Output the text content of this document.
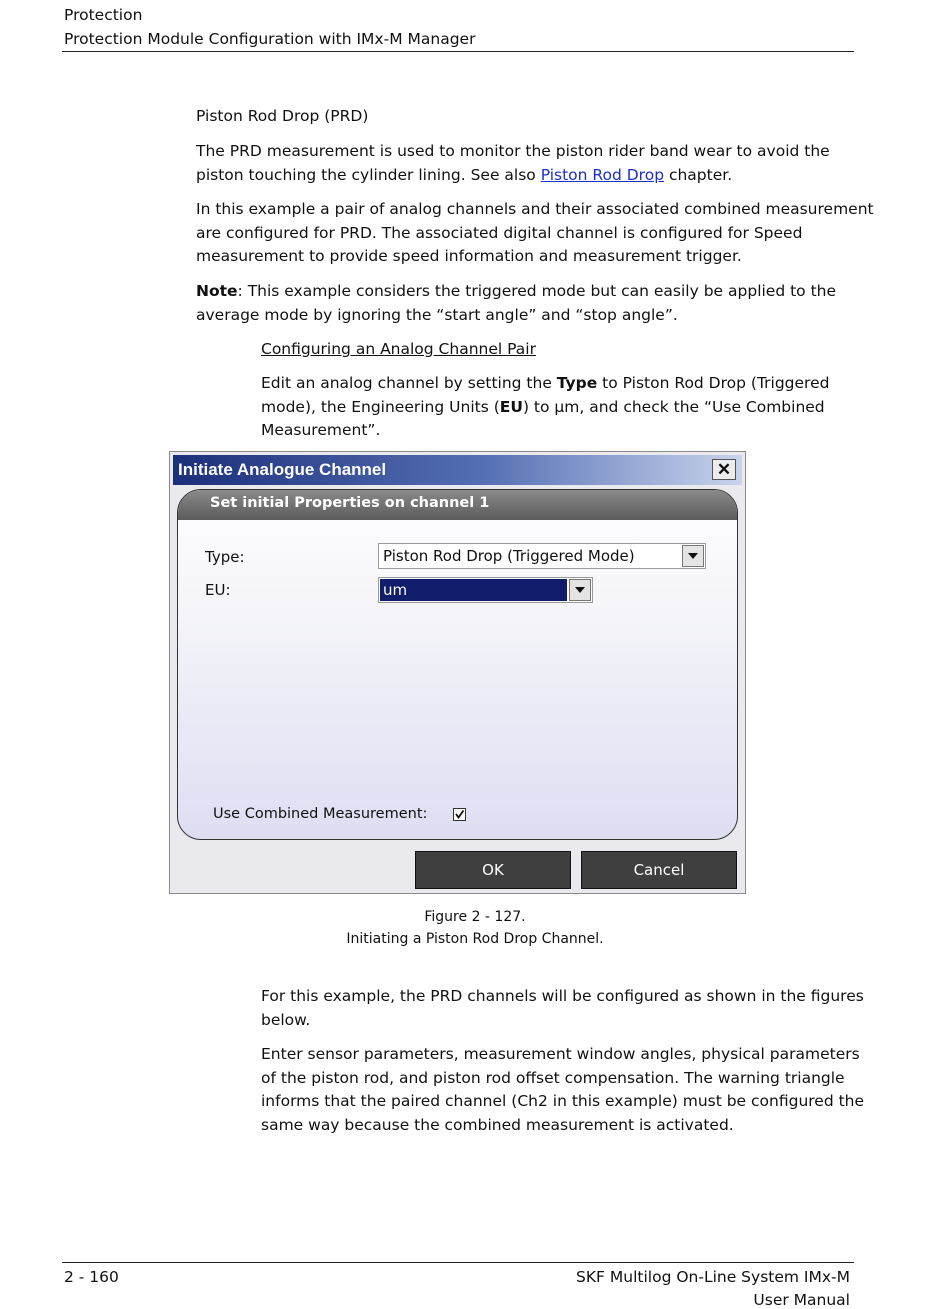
Protection
Protection Module Configuration with IMx-M Manager
Piston Rod Drop (PRD)
The PRD measurement is used to monitor the piston rider band wear to avoid the
piston touching the cylinder lining. See also Piston Rod Drop chapter.
In this example a pair of analog channels and their associated combined measurement
are configured for PRD. The associated digital channel is configured for Speed
measurement to provide speed information and measurement trigger.
Note: This example considers the triggered mode but can easily be applied to the
average mode by ignoring the “start angle” and “stop angle”.
Configuring an Analog Channel Pair
Edit an analog channel by setting the Type to Piston Rod Drop (Triggered
mode), the Engineering Units (EU) to μm, and check the “Use Combined
Measurement”.
Initiate Analogue Channel	✕
Set initial Properties on channel 1
Type:	Piston Rod Drop (Triggered Mode)
EU:	um
Use Combined Measurement:
OK	Cancel
Figure 2 - 127.
Initiating a Piston Rod Drop Channel.
For this example, the PRD channels will be configured as shown in the figures
below.
Enter sensor parameters, measurement window angles, physical parameters
of the piston rod, and piston rod offset compensation. The warning triangle
informs that the paired channel (Ch2 in this example) must be configured the
same way because the combined measurement is activated.
2 - 160	SKF Multilog On-Line System IMx-M
User Manual
